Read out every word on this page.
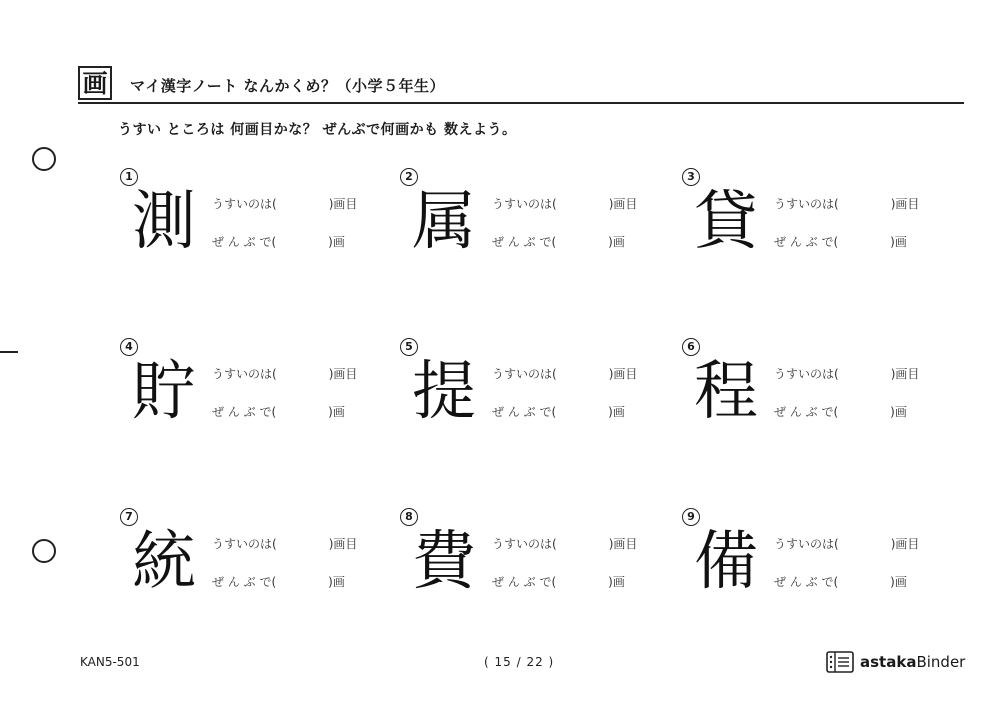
画	マイ漢字ノート なんかくめ？（小学５年生）
うすい ところは 何画目かな？ ぜんぶで何画かも 数えよう。
1
測	うすいのは(	)画目
ぜ ん ぶ で(	)画
2
属	うすいのは(	)画目
ぜ ん ぶ で(	)画
3
貸	うすいのは(	)画目
ぜ ん ぶ で(	)画
4
貯	うすいのは(	)画目
ぜ ん ぶ で(	)画
5
提	うすいのは(	)画目
ぜ ん ぶ で(	)画
6
程	うすいのは(	)画目
ぜ ん ぶ で(	)画
7
統	うすいのは(	)画目
ぜ ん ぶ で(	)画
8
費	うすいのは(	)画目
ぜ ん ぶ で(	)画
9
備	うすいのは(	)画目
ぜ ん ぶ で(	)画
KAN5-501	( 15 / 22 )	astakaBinder
